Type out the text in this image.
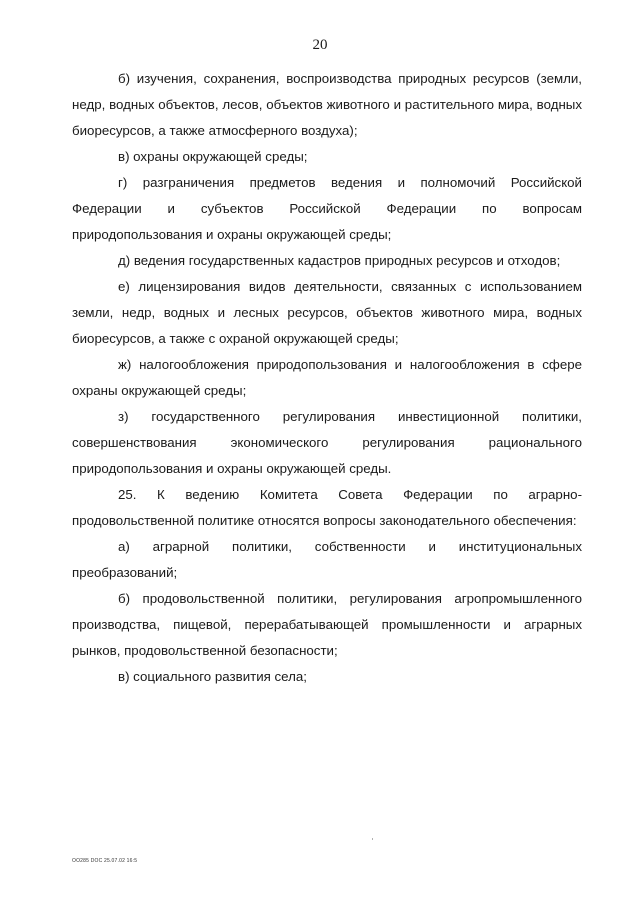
20

б) изучения, сохранения, воспроизводства природных ресурсов (земли, недр, водных объектов, лесов, объектов животного и растительного мира, водных биоресурсов, а также атмосферного воздуха);

в) охраны окружающей среды;

г) разграничения предметов ведения и полномочий Российской Федерации и субъектов Российской Федерации по вопросам природопользования и охраны окружающей среды;

д) ведения государственных кадастров природных ресурсов и отходов;

е) лицензирования видов деятельности, связанных с использованием земли, недр, водных и лесных ресурсов, объектов животного мира, водных биоресурсов, а также с охраной окружающей среды;

ж) налогообложения природопользования и налогообложения в сфере охраны окружающей среды;

з) государственного регулирования инвестиционной политики, совершенствования экономического регулирования рационального природопользования и охраны окружающей среды.

25. К ведению Комитета Совета Федерации по аграрно-продовольственной политике относятся вопросы законодательного обеспечения:

а) аграрной политики, собственности и институциональных преобразований;

б) продовольственной политики, регулирования агропромышленного производства, пищевой, перерабатывающей промышленности и аграрных рынков, продовольственной безопасности;

в) социального развития села;

OO285 DOC 25.07.02 16:5
